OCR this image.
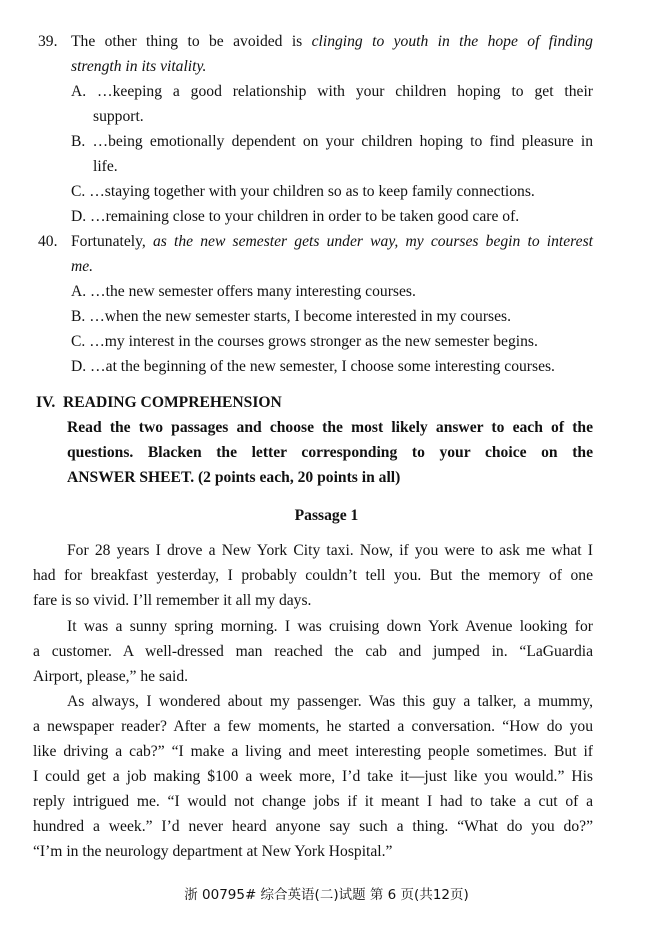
39. The other thing to be avoided is clinging to youth in the hope of finding
strength in its vitality.
A. …keeping a good relationship with your children hoping to get their
support.
B. …being emotionally dependent on your children hoping to find pleasure in
life.
C. …staying together with your children so as to keep family connections.
D. …remaining close to your children in order to be taken good care of.
40. Fortunately, as the new semester gets under way, my courses begin to interest
me.
A. …the new semester offers many interesting courses.
B. …when the new semester starts, I become interested in my courses.
C. …my interest in the courses grows stronger as the new semester begins.
D. …at the beginning of the new semester, I choose some interesting courses.
IV.  READING COMPREHENSION
Read the two passages and choose the most likely answer to each of the
questions. Blacken the letter corresponding to your choice on the
ANSWER SHEET. (2 points each, 20 points in all)
Passage 1
For 28 years I drove a New York City taxi. Now, if you were to ask me what I
had for breakfast yesterday, I probably couldn’t tell you. But the memory of one
fare is so vivid. I’ll remember it all my days.
It was a sunny spring morning. I was cruising down York Avenue looking for
a customer. A well-dressed man reached the cab and jumped in. “LaGuardia
Airport, please,” he said.
As always, I wondered about my passenger. Was this guy a talker, a mummy,
a newspaper reader? After a few moments, he started a conversation. “How do you
like driving a cab?” “I make a living and meet interesting people sometimes. But if
I could get a job making $100 a week more, I’d take it—just like you would.” His
reply intrigued me. “I would not change jobs if it meant I had to take a cut of a
hundred a week.” I’d never heard anyone say such a thing. “What do you do?”
“I’m in the neurology department at New York Hospital.”
浙 00795# 综合英语(二)试题 第 6 页(共12页)
